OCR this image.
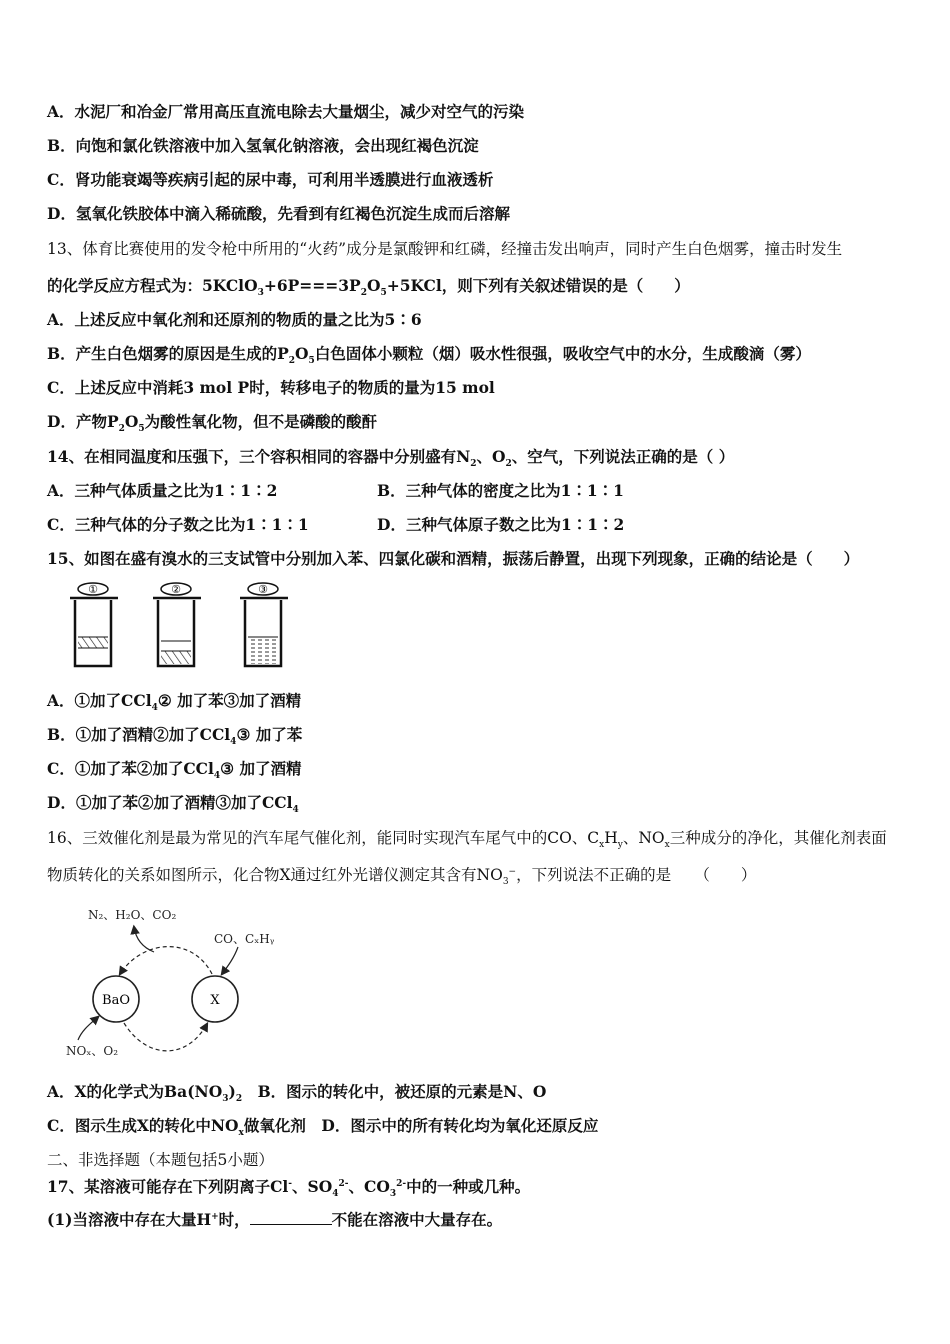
A．水泥厂和冶金厂常用高压直流电除去大量烟尘，减少对空气的污染
B．向饱和氯化铁溶液中加入氢氧化钠溶液，会出现红褐色沉淀
C．肾功能衰竭等疾病引起的尿中毒，可利用半透膜进行血液透析
D．氢氧化铁胶体中滴入稀硫酸，先看到有红褐色沉淀生成而后溶解
13、体育比赛使用的发令枪中所用的“火药”成分是氯酸钾和红磷，经撞击发出响声，同时产生白色烟雾，撞击时发生
的化学反应方程式为：$5KClO_3+6P===3P_2O_5+5KCl$，则下列有关叙述错误的是（　　）
A．上述反应中氧化剂和还原剂的物质的量之比为5∶6
B．产生白色烟雾的原因是生成的$P_2O_5$白色固体小颗粒（烟）吸水性很强，吸收空气中的水分，生成酸滴（雾）
C．上述反应中消耗3 mol P时，转移电子的物质的量为15 mol
D．产物$P_2O_5$为酸性氧化物，但不是磷酸的酸酐
14、在相同温度和压强下，三个容积相同的容器中分别盛有$N_2$、$O_2$、空气，下列说法正确的是（ ）
A．三种气体质量之比为1∶1∶2	B．三种气体的密度之比为1∶1∶1
C．三种气体的分子数之比为1∶1∶1	D．三种气体原子数之比为1∶1∶2
15、如图在盛有溴水的三支试管中分别加入苯、四氯化碳和酒精，振荡后静置，出现下列现象，正确的结论是（　　）
①	②	③
A．①加了CCl$_4$② 加了苯③加了酒精
B．①加了酒精②加了CCl$_4$③ 加了苯
C．①加了苯②加了CCl$_4$③ 加了酒精
D．①加了苯②加了酒精③加了CCl$_4$
16、三效催化剂是最为常见的汽车尾气催化剂，能同时实现汽车尾气中的CO、$C_xH_y$、$NO_x$三种成分的净化，其催化剂表面
物质转化的关系如图所示，化合物X通过红外光谱仪测定其含有$NO_3^-$，下列说法不正确的是　　（　　）
N₂、H₂O、CO₂
CO、CₓHᵧ
NOₓ、O₂
BaO	X
A．X的化学式为$Ba(NO_3)_2$　B．图示的转化中，被还原的元素是N、O
C．图示生成X的转化中$NO_x$做氧化剂　D．图示中的所有转化均为氧化还原反应
二、非选择题（本题包括5小题）
17、某溶液可能存在下列阴离子Cl-、$SO_4^{2-}$、$CO_3^{2-}$中的一种或几种。
(1)当溶液中存在大量H+时，	不能在溶液中大量存在。
